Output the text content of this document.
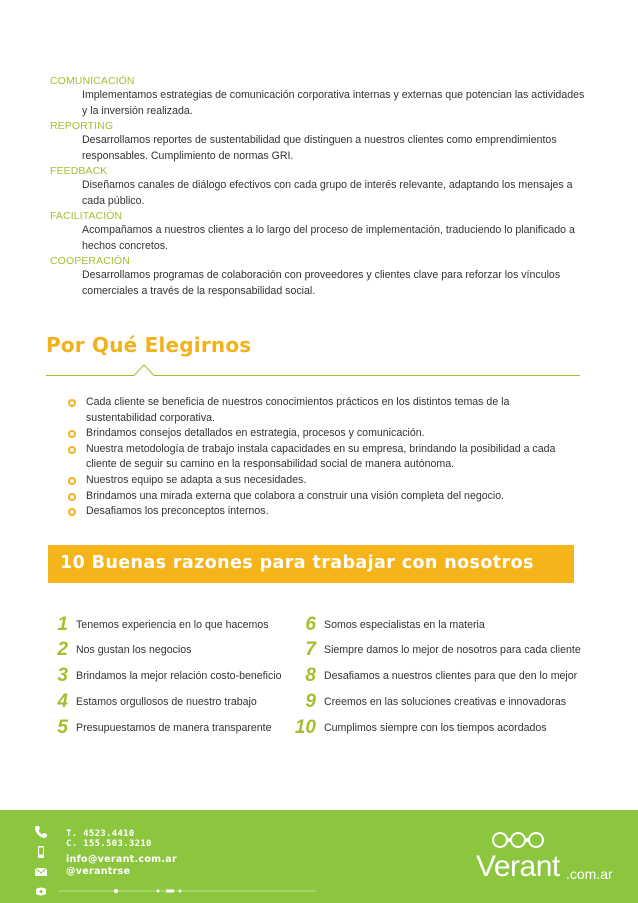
COMUNICACIÓN
Implementamos estrategias de comunicación corporativa internas y externas que potencian las actividades y la inversión realizada.
REPORTING
Desarrollamos reportes de sustentabilidad que distinguen a nuestros clientes como emprendimientos responsables. Cumplimiento de normas GRI.
FEEDBACK
Diseñamos canales de diálogo efectivos con cada grupo de interés relevante, adaptando los mensajes a cada público.
FACILITACIÓN
Acompañamos a nuestros clientes a lo largo del proceso de implementación, traduciendo lo planificado a hechos concretos.
COOPERACIÓN
Desarrollamos programas de colaboración con proveedores y clientes clave para reforzar los vínculos comerciales a través de la responsabilidad social.
Por Qué Elegirnos
Cada cliente se beneficia de nuestros conocimientos prácticos en los distintos temas de la sustentabilidad corporativa.
Brindamos consejos detallados en estrategia, procesos y comunicación.
Nuestra metodología de trabajo instala capacidades en su empresa, brindando la posibilidad a cada cliente de seguir su camino en la responsabilidad social de manera autónoma.
Nuestros equipo se adapta a sus necesidades.
Brindamos una mirada externa que colabora a construir una visión completa del negocio.
Desafiamos los preconceptos internos.
10 Buenas razones para trabajar con nosotros
1 Tenemos experiencia en lo que hacemos
2 Nos gustan los negocios
3 Brindamos la mejor relación costo-beneficio
4 Estamos orgullosos de nuestro trabajo
5 Presupuestamos de manera transparente
6 Somos especialistas en la materia
7 Siempre damos lo mejor de nosotros para cada cliente
8 Desafiamos a nuestros clientes para que den lo mejor
9 Creemos en las soluciones creativas e innovadoras
10 Cumplimos siempre con los tiempos acordados
T. 4523.4410
C. 155.503.3210
info@verant.com.ar
@verantrse	Verant .com.ar
